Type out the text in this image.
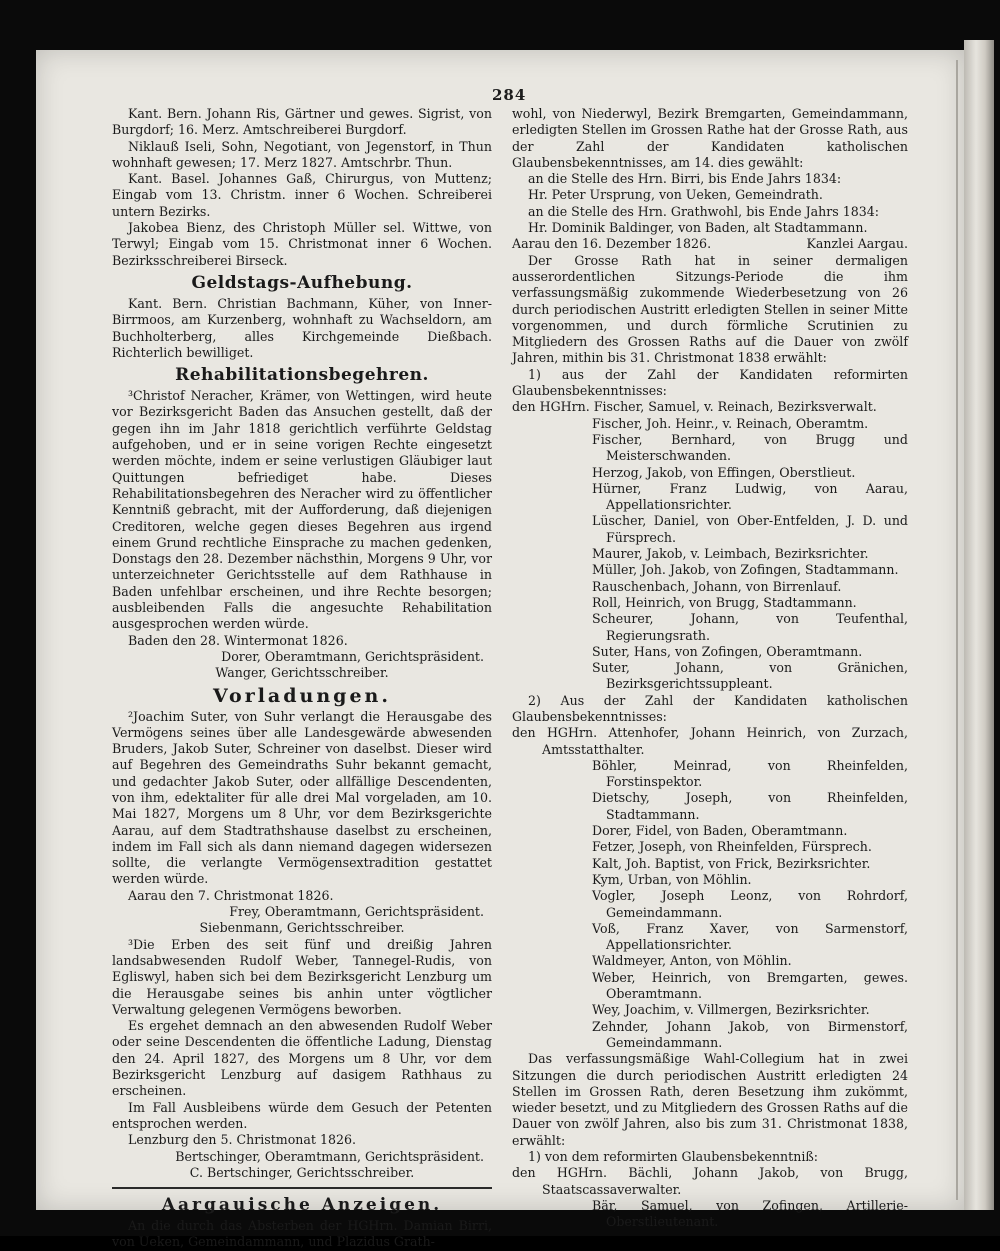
284

Kant. Bern. Johann Ris, Gärtner und gewes. Sigrist, von Burgdorf; 16. Merz. Amtschreiberei Burgdorf.

Niklauß Iseli, Sohn, Negotiant, von Jegenstorf, in Thun wohnhaft gewesen; 17. Merz 1827. Amtschrbr. Thun.

Kant. Basel. Johannes Gaß, Chirurgus, von Muttenz; Eingab vom 13. Christm. inner 6 Wochen. Schreiberei untern Bezirks.

Jakobea Bienz, des Christoph Müller sel. Wittwe, von Terwyl; Eingab vom 15. Christmonat inner 6 Wochen. Bezirksschreiberei Birseck.

Geldstags-Aufhebung.

Kant. Bern. Christian Bachmann, Küher, von Inner-Birrmoos, am Kurzenberg, wohnhaft zu Wachseldorn, am Buchholterberg, alles Kirchgemeinde Dießbach. Richterlich bewilliget.

Rehabilitationsbegehren.

³Christof Neracher, Krämer, von Wettingen, wird heute vor Bezirksgericht Baden das Ansuchen gestellt, daß der gegen ihn im Jahr 1818 gerichtlich verführte Geldstag aufgehoben, und er in seine vorigen Rechte eingesetzt werden möchte, indem er seine verlustigen Gläubiger laut Quittungen befriediget habe. Dieses Rehabilitationsbegehren des Neracher wird zu öffentlicher Kenntniß gebracht, mit der Aufforderung, daß diejenigen Creditoren, welche gegen dieses Begehren aus irgend einem Grund rechtliche Einsprache zu machen gedenken, Donstags den 28. Dezember nächsthin, Morgens 9 Uhr, vor unterzeichneter Gerichtsstelle auf dem Rathhause in Baden unfehlbar erscheinen, und ihre Rechte besorgen; ausbleibenden Falls die angesuchte Rehabilitation ausgesprochen werden würde.

Baden den 28. Wintermonat 1826.

Dorer, Oberamtmann, Gerichtspräsident.

Wanger, Gerichtsschreiber.

Vorladungen.

²Joachim Suter, von Suhr verlangt die Herausgabe des Vermögens seines über alle Landesgewärde abwesenden Bruders, Jakob Suter, Schreiner von daselbst. Dieser wird auf Begehren des Gemeindraths Suhr bekannt gemacht, und gedachter Jakob Suter, oder allfällige Descendenten, von ihm, edektaliter für alle drei Mal vorgeladen, am 10. Mai 1827, Morgens um 8 Uhr, vor dem Bezirksgerichte Aarau, auf dem Stadtrathshause daselbst zu erscheinen, indem im Fall sich als dann niemand dagegen widersezen sollte, die verlangte Vermögensextradition gestattet werden würde.

Aarau den 7. Christmonat 1826.

Frey, Oberamtmann, Gerichtspräsident.

Siebenmann, Gerichtsschreiber.

³Die Erben des seit fünf und dreißig Jahren landsabwesenden Rudolf Weber, Tannegel-Rudis, von Egliswyl, haben sich bei dem Bezirksgericht Lenzburg um die Herausgabe seines bis anhin unter vögtlicher Verwaltung gelegenen Vermögens beworben.

Es ergehet demnach an den abwesenden Rudolf Weber oder seine Descendenten die öffentliche Ladung, Dienstag den 24. April 1827, des Morgens um 8 Uhr, vor dem Bezirksgericht Lenzburg auf dasigem Rathhaus zu erscheinen.

Im Fall Ausbleibens würde dem Gesuch der Petenten entsprochen werden.

Lenzburg den 5. Christmonat 1826.

Bertschinger, Oberamtmann, Gerichtspräsident.

C. Bertschinger, Gerichtsschreiber.

Aargauische Anzeigen.

An die durch das Absterben der HGHrn. Damian Birri, von Ueken, Gemeindammann, und Plazidus Grath-

wohl, von Niederwyl, Bezirk Bremgarten, Gemeindammann, erledigten Stellen im Grossen Rathe hat der Grosse Rath, aus der Zahl der Kandidaten katholischen Glaubensbekenntnisses, am 14. dies gewählt:

an die Stelle des Hrn. Birri, bis Ende Jahrs 1834:

Hr. Peter Ursprung, von Ueken, Gemeindrath.

an die Stelle des Hrn. Grathwohl, bis Ende Jahrs 1834:

Hr. Dominik Baldinger, von Baden, alt Stadtammann.

Aarau den 16. Dezember 1826.	Kanzlei Aargau.

Der Grosse Rath hat in seiner dermaligen ausserordentlichen Sitzungs-Periode die ihm verfassungsmäßig zukommende Wiederbesetzung von 26 durch periodischen Austritt erledigten Stellen in seiner Mitte vorgenommen, und durch förmliche Scrutinien zu Mitgliedern des Grossen Raths auf die Dauer von zwölf Jahren, mithin bis 31. Christmonat 1838 erwählt:

1) aus der Zahl der Kandidaten reformirten Glaubensbekenntnisses:

den HGHrn. Fischer, Samuel, v. Reinach, Bezirksverwalt.

Fischer, Joh. Heinr., v. Reinach, Oberamtm.

Fischer, Bernhard, von Brugg und Meisterschwanden.

Herzog, Jakob, von Effingen, Oberstlieut.

Hürner, Franz Ludwig, von Aarau, Appellationsrichter.

Lüscher, Daniel, von Ober-Entfelden, J. D. und Fürsprech.

Maurer, Jakob, v. Leimbach, Bezirksrichter.

Müller, Joh. Jakob, von Zofingen, Stadtammann.

Rauschenbach, Johann, von Birrenlauf.

Roll, Heinrich, von Brugg, Stadtammann.

Scheurer, Johann, von Teufenthal, Regierungsrath.

Suter, Hans, von Zofingen, Oberamtmann.

Suter, Johann, von Gränichen, Bezirksgerichtssuppleant.

2) Aus der Zahl der Kandidaten katholischen Glaubensbekenntnisses:

den HGHrn. Attenhofer, Johann Heinrich, von Zurzach, Amtsstatthalter.

Böhler, Meinrad, von Rheinfelden, Forstinspektor.

Dietschy, Joseph, von Rheinfelden, Stadtammann.

Dorer, Fidel, von Baden, Oberamtmann.

Fetzer, Joseph, von Rheinfelden, Fürsprech.

Kalt, Joh. Baptist, von Frick, Bezirksrichter.

Kym, Urban, von Möhlin.

Vogler, Joseph Leonz, von Rohrdorf, Gemeindammann.

Voß, Franz Xaver, von Sarmenstorf, Appellationsrichter.

Waldmeyer, Anton, von Möhlin.

Weber, Heinrich, von Bremgarten, gewes. Oberamtmann.

Wey, Joachim, v. Villmergen, Bezirksrichter.

Zehnder, Johann Jakob, von Birmenstorf, Gemeindammann.

Das verfassungsmäßige Wahl-Collegium hat in zwei Sitzungen die durch periodischen Austritt erledigten 24 Stellen im Grossen Rath, deren Besetzung ihm zukömmt, wieder besetzt, und zu Mitgliedern des Grossen Raths auf die Dauer von zwölf Jahren, also bis zum 31. Christmonat 1838, erwählt:

1) von dem reformirten Glaubensbekenntniß:

den HGHrn. Bächli, Johann Jakob, von Brugg, Staatscassaverwalter.

Bär, Samuel, von Zofingen, Artillerie-Oberstlieutenant.
